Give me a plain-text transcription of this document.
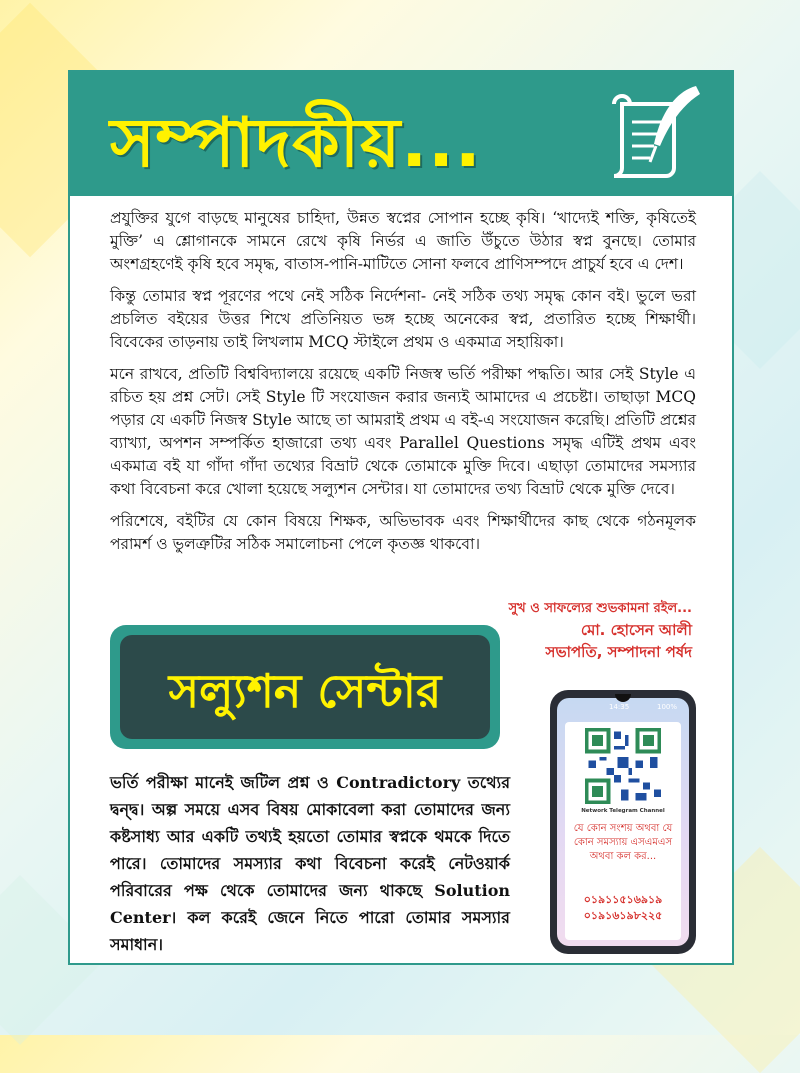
সম্পাদকীয়...

প্রযুক্তির যুগে বাড়ছে মানুষের চাহিদা, উন্নত স্বপ্নের সোপান হচ্ছে কৃষি। ‘খাদ্যেই শক্তি, কৃষিতেই মুক্তি’ এ শ্লোগানকে সামনে রেখে কৃষি নির্ভর এ জাতি উঁচুতে উঠার স্বপ্ন বুনছে। তোমার অংশগ্রহণেই কৃষি হবে সমৃদ্ধ, বাতাস-পানি-মাটিতে সোনা ফলবে প্রাণিসম্পদে প্রাচুর্য হবে এ দেশ।

কিন্তু তোমার স্বপ্ন পূরণের পথে নেই সঠিক নির্দেশনা- নেই সঠিক তথ্য সমৃদ্ধ কোন বই। ভুলে ভরা প্রচলিত বইয়ের উত্তর শিখে প্রতিনিয়ত ভঙ্গ হচ্ছে অনেকের স্বপ্ন, প্রতারিত হচ্ছে শিক্ষার্থী। বিবেকের তাড়নায় তাই লিখলাম MCQ স্টাইলে প্রথম ও একমাত্র সহায়িকা।

মনে রাখবে, প্রতিটি বিশ্ববিদ্যালয়ে রয়েছে একটি নিজস্ব ভর্তি পরীক্ষা পদ্ধতি। আর সেই Style এ রচিত হয় প্রশ্ন সেট। সেই Style টি সংযোজন করার জন্যই আমাদের এ প্রচেষ্টা। তাছাড়া MCQ পড়ার যে একটি নিজস্ব Style আছে তা আমরাই প্রথম এ বই-এ সংযোজন করেছি। প্রতিটি প্রশ্নের ব্যাখ্যা, অপশন সম্পর্কিত হাজারো তথ্য এবং Parallel Questions সমৃদ্ধ এটিই প্রথম এবং একমাত্র বই যা গাঁদা গাঁদা তথ্যের বিভ্রাট থেকে তোমাকে মুক্তি দিবে। এছাড়া তোমাদের সমস্যার কথা বিবেচনা করে খোলা হয়েছে সল্যুশন সেন্টার। যা তোমাদের তথ্য বিভ্রাট থেকে মুক্তি দেবে।

পরিশেষে, বইটির যে কোন বিষয়ে শিক্ষক, অভিভাবক এবং শিক্ষার্থীদের কাছ থেকে গঠনমূলক পরামর্শ ও ভুলত্রুটির সঠিক সমালোচনা পেলে কৃতজ্ঞ থাকবো।

সুখ ও সাফল্যের শুভকামনা রইল...
মো. হোসেন আলী
সভাপতি, সম্পাদনা পর্ষদ
সল্যুশন সেন্টার

ভর্তি পরীক্ষা মানেই জটিল প্রশ্ন ও Contradictory তথ্যের দ্বন্দ্ব। অল্প সময়ে এসব বিষয় মোকাবেলা করা তোমাদের জন্য কষ্টসাধ্য আর একটি তথ্যই হয়তো তোমার স্বপ্নকে থমকে দিতে পারে। তোমাদের সমস্যার কথা বিবেচনা করেই নেটওয়ার্ক পরিবারের পক্ষ থেকে তোমাদের জন্য থাকছে Solution Center। কল করেই জেনে নিতে পারো তোমার সমস্যার সমাধান।

14:35	100%
Network Telegram Channel

যে কোন সংশয় অথবা যে কোন সমস্যায় এসএমএস অথবা কল কর...

০১৯১১৫১৬৯১৯
০১৯১৬১৯৮২২৫
